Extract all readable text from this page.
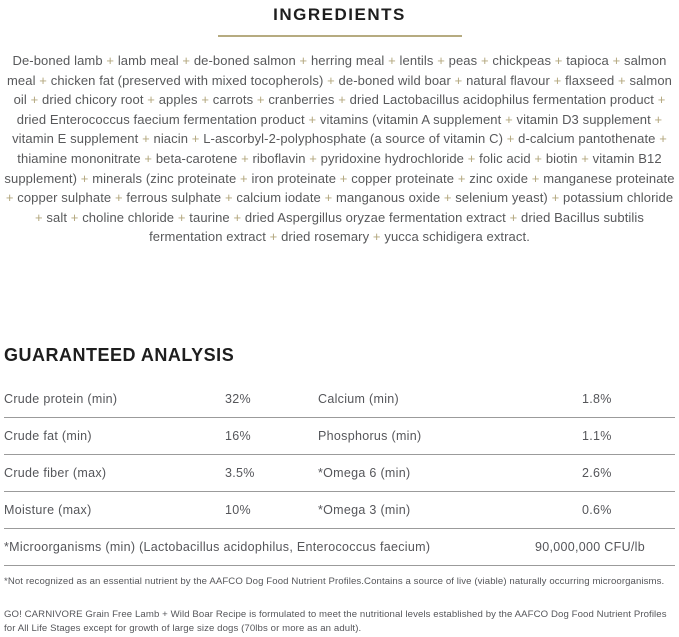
INGREDIENTS

De-boned lamb + lamb meal + de-boned salmon + herring meal + lentils + peas + chickpeas + tapioca + salmon meal + chicken fat (preserved with mixed tocopherols) + de-boned wild boar + natural flavour + flaxseed + salmon oil + dried chicory root + apples + carrots + cranberries + dried Lactobacillus acidophilus fermentation product + dried Enterococcus faecium fermentation product + vitamins (vitamin A supplement + vitamin D3 supplement + vitamin E supplement + niacin + L-ascorbyl-2-polyphosphate (a source of vitamin C) + d-calcium pantothenate + thiamine mononitrate + beta-carotene + riboflavin + pyridoxine hydrochloride + folic acid + biotin + vitamin B12 supplement) + minerals (zinc proteinate + iron proteinate + copper proteinate + zinc oxide + manganese proteinate + copper sulphate + ferrous sulphate + calcium iodate + manganous oxide + selenium yeast) + potassium chloride + salt + choline chloride + taurine + dried Aspergillus oryzae fermentation extract + dried Bacillus subtilis fermentation extract + dried rosemary + yucca schidigera extract.

GUARANTEED ANALYSIS
Crude protein (min)	32%	Calcium (min)	1.8%
Crude fat (min)	16%	Phosphorus (min)	1.1%
Crude fiber (max)	3.5%	*Omega 6 (min)	2.6%
Moisture (max)	10%	*Omega 3 (min)	0.6%
*Microorganisms (min) (Lactobacillus acidophilus, Enterococcus faecium)	90,000,000 CFU/lb

*Not recognized as an essential nutrient by the AAFCO Dog Food Nutrient Profiles.Contains a source of live (viable) naturally occurring microorganisms.

GO! CARNIVORE Grain Free Lamb + Wild Boar Recipe is formulated to meet the nutritional levels established by the AAFCO Dog Food Nutrient Profiles for All Life Stages except for growth of large size dogs (70lbs or more as an adult).
